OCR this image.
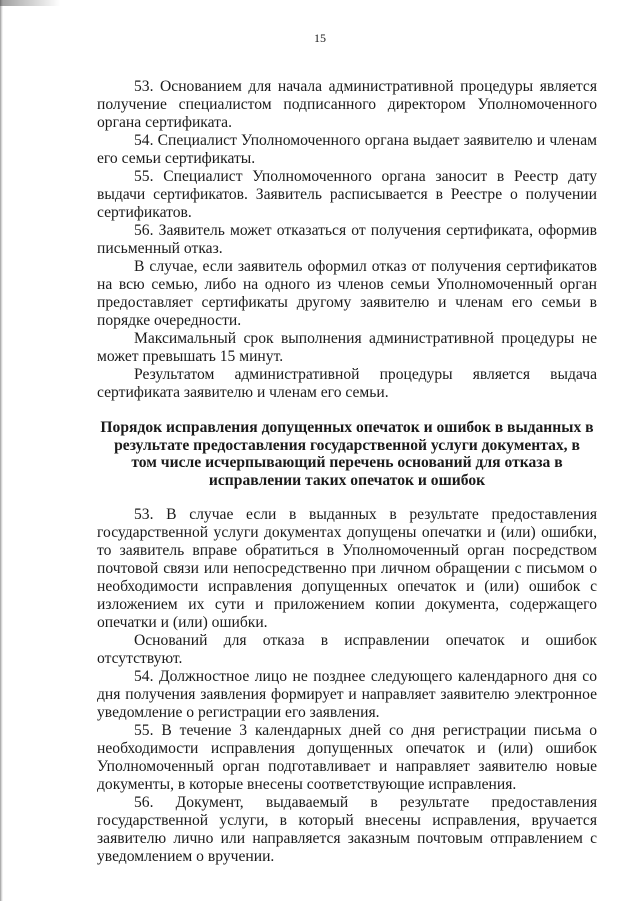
15

53. Основанием для начала административной процедуры является получение специалистом подписанного директором Уполномоченного органа сертификата.

54. Специалист Уполномоченного органа выдает заявителю и членам его семьи сертификаты.

55. Специалист Уполномоченного органа заносит в Реестр дату выдачи сертификатов. Заявитель расписывается в Реестре о получении сертификатов.

56. Заявитель может отказаться от получения сертификата, оформив письменный отказ.

В случае, если заявитель оформил отказ от получения сертификатов на всю семью, либо на одного из членов семьи Уполномоченный орган предоставляет сертификаты другому заявителю и членам его семьи в порядке очередности.

Максимальный срок выполнения административной процедуры не может превышать 15 минут.

Результатом административной процедуры является выдача сертификата заявителю и членам его семьи.

Порядок исправления допущенных опечаток и ошибок в выданных в результате предоставления государственной услуги документах, в том числе исчерпывающий перечень оснований для отказа в исправлении таких опечаток и ошибок

53. В случае если в выданных в результате предоставления государственной услуги документах допущены опечатки и (или) ошибки, то заявитель вправе обратиться в Уполномоченный орган посредством почтовой связи или непосредственно при личном обращении с письмом о необходимости исправления допущенных опечаток и (или) ошибок с изложением их сути и приложением копии документа, содержащего опечатки и (или) ошибки.

Оснований для отказа в исправлении опечаток и ошибок отсутствуют.

54. Должностное лицо не позднее следующего календарного дня со дня получения заявления формирует и направляет заявителю электронное уведомление о регистрации его заявления.

55. В течение 3 календарных дней со дня регистрации письма о необходимости исправления допущенных опечаток и (или) ошибок Уполномоченный орган подготавливает и направляет заявителю новые документы, в которые внесены соответствующие исправления.

56. Документ, выдаваемый в результате предоставления государственной услуги, в который внесены исправления, вручается заявителю лично или направляется заказным почтовым отправлением с уведомлением о вручении.
